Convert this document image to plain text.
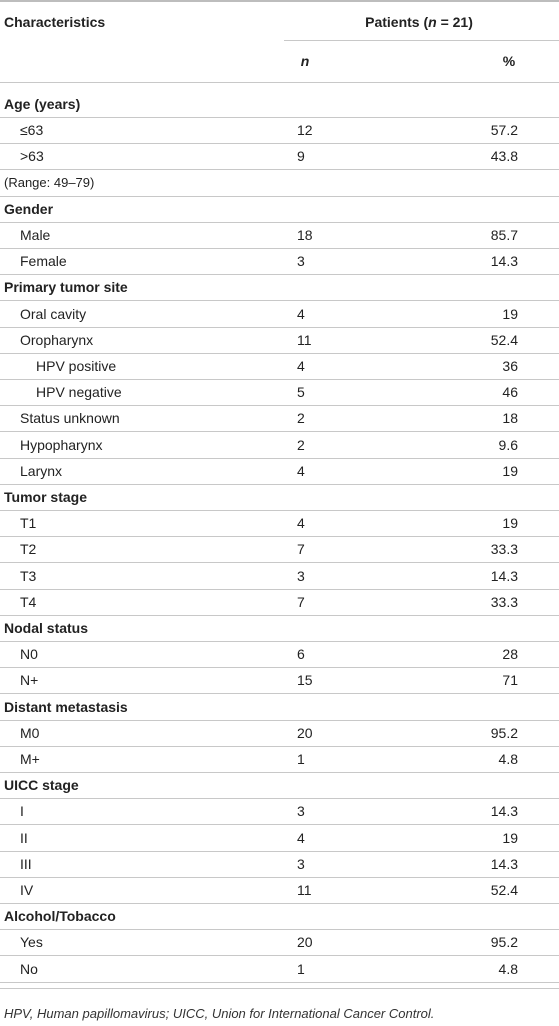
Characteristics	Patients (n = 21)
n	%
Age (years)
≤63	12	57.2
>63	9	43.8
(Range: 49–79)
Gender
Male	18	85.7
Female	3	14.3
Primary tumor site
Oral cavity	4	19
Oropharynx	11	52.4
HPV positive	4	36
HPV negative	5	46
Status unknown	2	18
Hypopharynx	2	9.6
Larynx	4	19
Tumor stage
T1	4	19
T2	7	33.3
T3	3	14.3
T4	7	33.3
Nodal status
N0	6	28
N+	15	71
Distant metastasis
M0	20	95.2
M+	1	4.8
UICC stage
I	3	14.3
II	4	19
III	3	14.3
IV	11	52.4
Alcohol/Tobacco
Yes	20	95.2
No	1	4.8
HPV, Human papillomavirus; UICC, Union for International Cancer Control.
